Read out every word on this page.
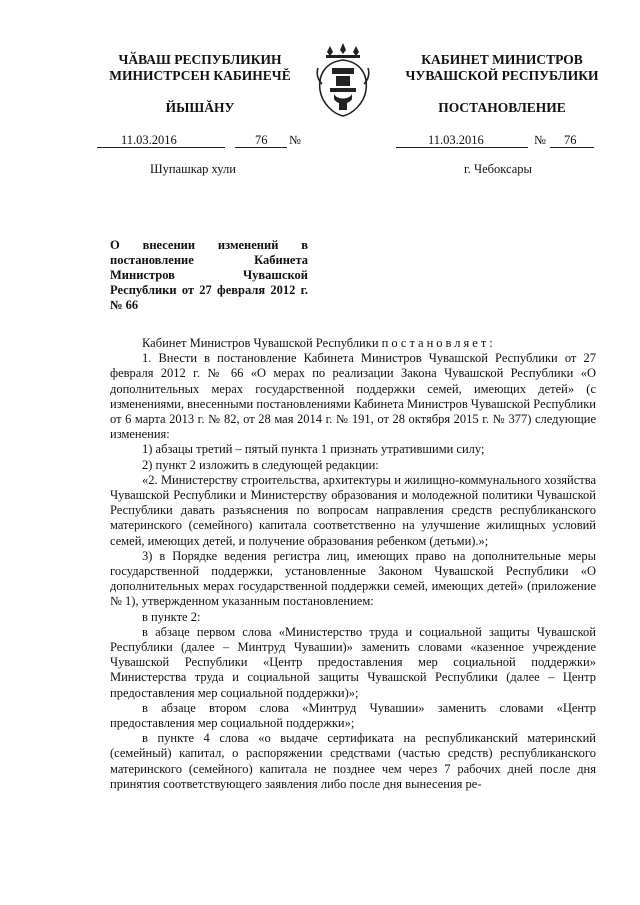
ЧӐВАШ РЕСПУБЛИКИН
МИНИСТРСЕН КАБИНЕЧĔ
ЙЫШĂНУ
КАБИНЕТ МИНИСТРОВ
ЧУВАШСКОЙ РЕСПУБЛИКИ
ПОСТАНОВЛЕНИЕ
11.03.2016	76 №	11.03.2016	№ 76
Шупашкар хули	г. Чебоксары
О внесении изменений в постановление Кабинета Министров Чувашской Республики от 27 февраля 2012 г. № 66

Кабинет Министров Чувашской Республики постановляет:

1. Внести в постановление Кабинета Министров Чувашской Республики от 27 февраля 2012 г. № 66 «О мерах по реализации Закона Чувашской Республики «О дополнительных мерах государственной поддержки семей, имеющих детей» (с изменениями, внесенными постановлениями Кабинета Министров Чувашской Республики от 6 марта 2013 г. № 82, от 28 мая 2014 г. № 191, от 28 октября 2015 г. № 377) следующие изменения:

1) абзацы третий – пятый пункта 1 признать утратившими силу;

2) пункт 2 изложить в следующей редакции:

«2. Министерству строительства, архитектуры и жилищно-коммунального хозяйства Чувашской Республики и Министерству образования и молодежной политики Чувашской Республики давать разъяснения по вопросам направления средств республиканского материнского (семейного) капитала соответственно на улучшение жилищных условий семей, имеющих детей, и получение образования ребенком (детьми).»;

3) в Порядке ведения регистра лиц, имеющих право на дополнительные меры государственной поддержки, установленные Законом Чувашской Республики «О дополнительных мерах государственной поддержки семей, имеющих детей» (приложение № 1), утвержденном указанным постановлением:

в пункте 2:

в абзаце первом слова «Министерство труда и социальной защиты Чувашской Республики (далее – Минтруд Чувашии)» заменить словами «казенное учреждение Чувашской Республики «Центр предоставления мер социальной поддержки» Министерства труда и социальной защиты Чувашской Республики (далее – Центр предоставления мер социальной поддержки)»;

в абзаце втором слова «Минтруд Чувашии» заменить словами «Центр предоставления мер социальной поддержки»;

в пункте 4 слова «о выдаче сертификата на республиканский материнский (семейный) капитал, о распоряжении средствами (частью средств) республиканского материнского (семейного) капитала не позднее чем через 7 рабочих дней после дня принятия соответствующего заявления либо после дня вынесения ре-
